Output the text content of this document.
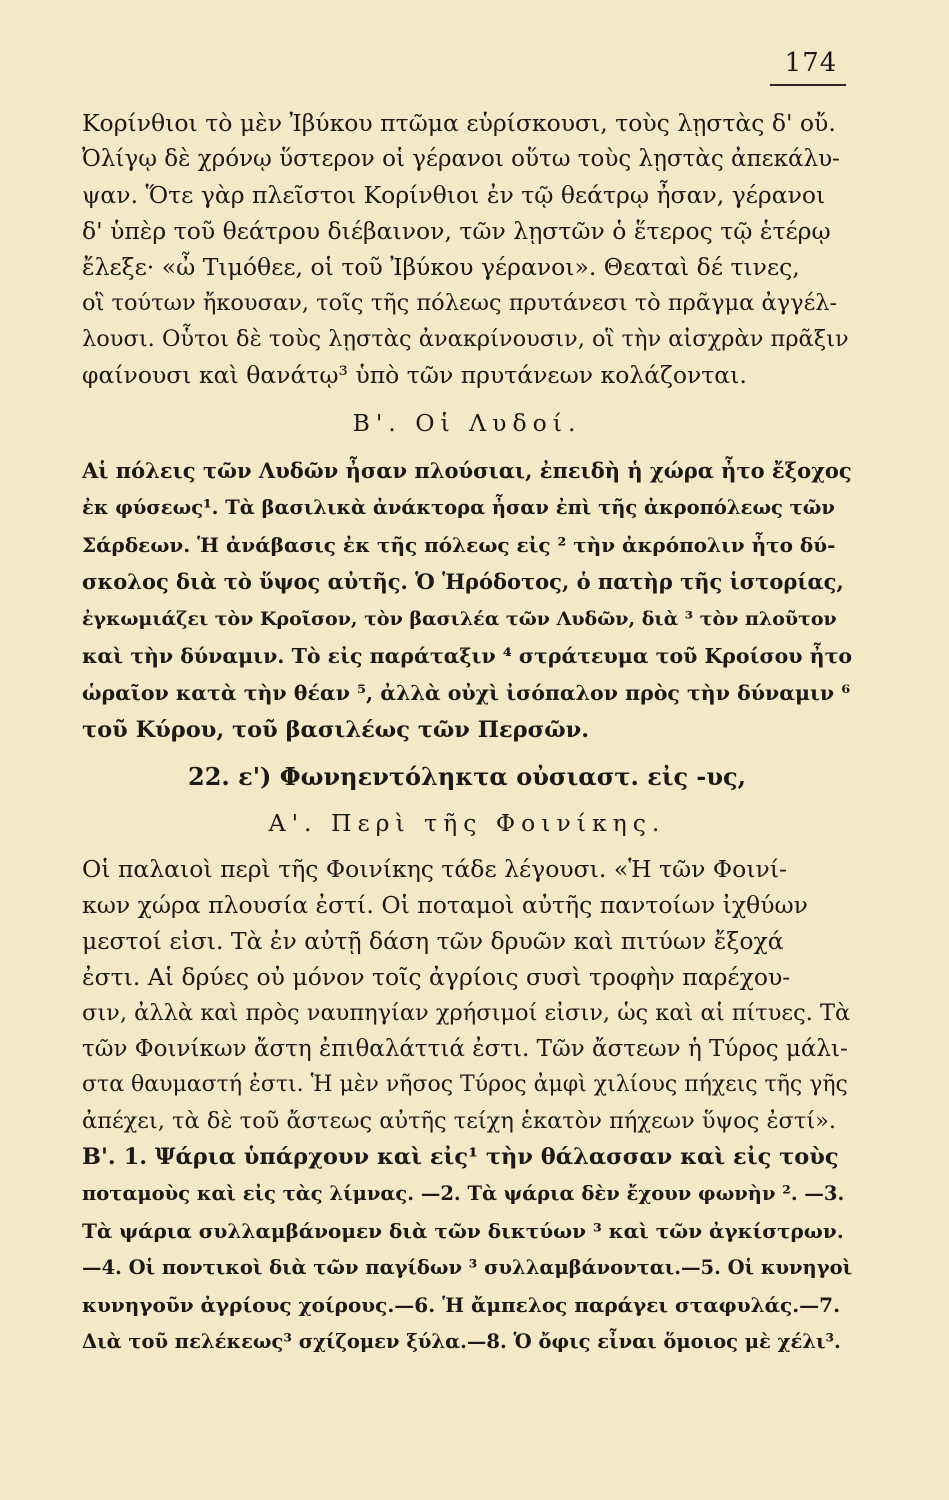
174
Κορίνθιοι τὸ μὲν Ἰβύκου πτῶμα εὑρίσκουσι, τοὺς λῃστὰς δ' οὔ.
Ὀλίγῳ δὲ χρόνῳ ὕστερον οἱ γέρανοι οὕτω τοὺς λῃστὰς ἀπεκάλυ-
ψαν. Ὅτε γὰρ πλεῖστοι Κορίνθιοι ἐν τῷ θεάτρῳ ἦσαν, γέρανοι
δ' ὑπὲρ τοῦ θεάτρου διέβαινον, τῶν λῃστῶν ὁ ἕτερος τῷ ἑτέρῳ
ἔλεξε· «ὦ Τιμόθεε, οἱ τοῦ Ἰβύκου γέρανοι». Θεαταὶ δέ τινες,
οἳ τούτων ἤκουσαν, τοῖς τῆς πόλεως πρυτάνεσι τὸ πρᾶγμα ἀγγέλ-
λουσι. Οὗτοι δὲ τοὺς λῃστὰς ἀνακρίνουσιν, οἳ τὴν αἰσχρὰν πρᾶξιν
φαίνουσι καὶ θανάτῳ³ ὑπὸ τῶν πρυτάνεων κολάζονται.
Β'. Οἱ Λυδοί.
Αἱ πόλεις τῶν Λυδῶν ἦσαν πλούσιαι, ἐπειδὴ ἡ χώρα ἦτο ἔξοχος
ἐκ φύσεως¹. Τὰ βασιλικὰ ἀνάκτορα ἦσαν ἐπὶ τῆς ἀκροπόλεως τῶν
Σάρδεων. Ἡ ἀνάβασις ἐκ τῆς πόλεως εἰς ² τὴν ἀκρόπολιν ἦτο δύ-
σκολος διὰ τὸ ὕψος αὐτῆς. Ὁ Ἡρόδοτος, ὁ πατὴρ τῆς ἱστορίας,
ἐγκωμιάζει τὸν Κροῖσον, τὸν βασιλέα τῶν Λυδῶν, διὰ ³ τὸν πλοῦτον
καὶ τὴν δύναμιν. Τὸ εἰς παράταξιν ⁴ στράτευμα τοῦ Κροίσου ἦτο
ὡραῖον κατὰ τὴν θέαν ⁵, ἀλλὰ οὐχὶ ἰσόπαλον πρὸς τὴν δύναμιν ⁶
τοῦ Κύρου, τοῦ βασιλέως τῶν Περσῶν.
22. ε') Φωνηεντόληκτα οὐσιαστ. εἰς -υς,
Α'. Περὶ τῆς Φοινίκης.
Οἱ παλαιοὶ περὶ τῆς Φοινίκης τάδε λέγουσι. «Ἡ τῶν Φοινί-
κων χώρα πλουσία ἐστί. Οἱ ποταμοὶ αὐτῆς παντοίων ἰχθύων
μεστοί εἰσι. Τὰ ἐν αὐτῇ δάση τῶν δρυῶν καὶ πιτύων ἔξοχά
ἐστι. Αἱ δρύες οὐ μόνον τοῖς ἀγρίοις συσὶ τροφὴν παρέχου-
σιν, ἀλλὰ καὶ πρὸς ναυπηγίαν χρήσιμοί εἰσιν, ὡς καὶ αἱ πίτυες. Τὰ
τῶν Φοινίκων ἄστη ἐπιθαλάττιά ἐστι. Τῶν ἄστεων ἡ Τύρος μάλι-
στα θαυμαστή ἐστι. Ἡ μὲν νῆσος Τύρος ἀμφὶ χιλίους πήχεις τῆς γῆς
ἀπέχει, τὰ δὲ τοῦ ἄστεως αὐτῆς τείχη ἑκατὸν πήχεων ὕψος ἐστί».
Β'. 1. Ψάρια ὑπάρχουν καὶ εἰς¹ τὴν θάλασσαν καὶ εἰς τοὺς
ποταμοὺς καὶ εἰς τὰς λίμνας. —2. Τὰ ψάρια δὲν ἔχουν φωνὴν ². —3.
Τὰ ψάρια συλλαμβάνομεν διὰ τῶν δικτύων ³ καὶ τῶν ἀγκίστρων.
—4. Οἱ ποντικοὶ διὰ τῶν παγίδων ³ συλλαμβάνονται.—5. Οἱ κυνηγοὶ
κυνηγοῦν ἀγρίους χοίρους.—6. Ἡ ἄμπελος παράγει σταφυλάς.—7.
Διὰ τοῦ πελέκεως³ σχίζομεν ξύλα.—8. Ὁ ὄφις εἶναι ὅμοιος μὲ χέλι³.
